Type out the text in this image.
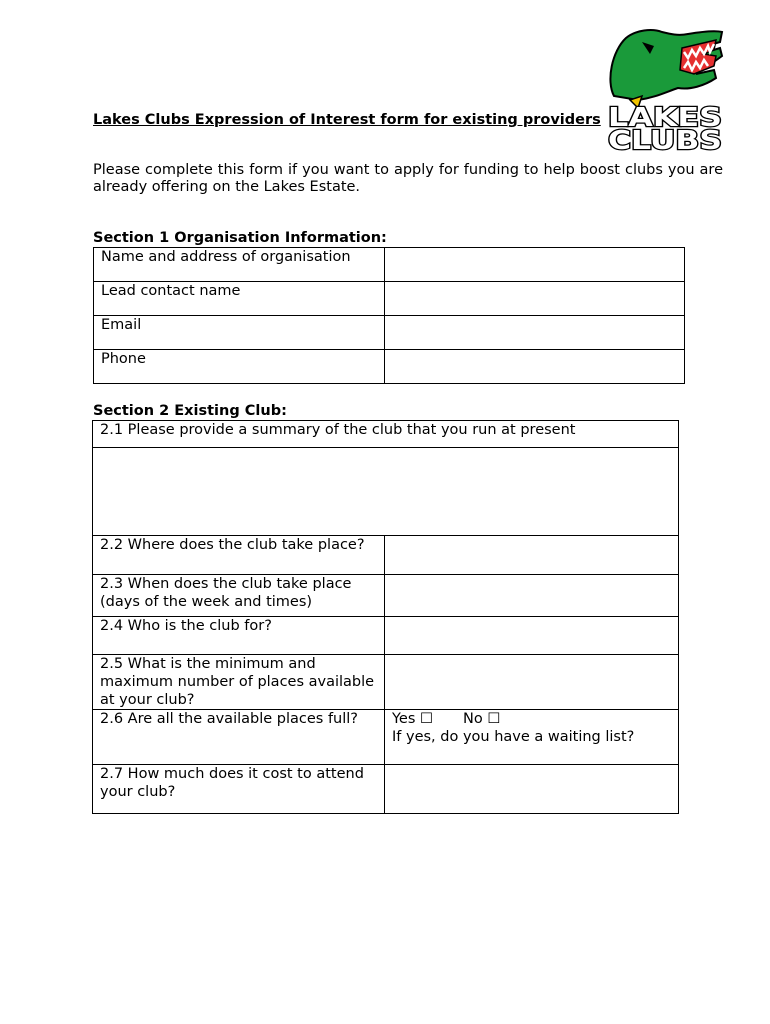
LAKES
CLUBS
Lakes Clubs Expression of Interest form for existing providers
Please complete this form if you want to apply for funding to help boost clubs you are already offering on the Lakes Estate.
Section 1 Organisation Information:
Name and address of organisation	
Lead contact name	
Email	
Phone	
Section 2 Existing Club:
2.1 Please provide a summary of the club that you run at present	

2.2 Where does the club take place?	
2.3 When does the club take place (days of the week and times)	
2.4 Who is the club for?	
2.5 What is the minimum and maximum number of places available at your club?	
2.6 Are all the available places full?	Yes ☐ No ☐
If yes, do you have a waiting list?

2.7 How much does it cost to attend your club?	
